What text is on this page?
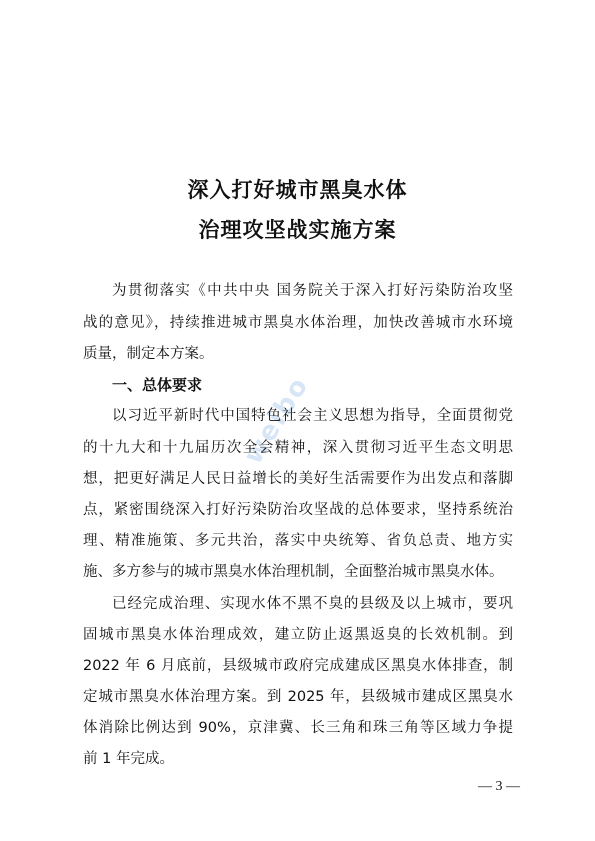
weibo
深入打好城市黑臭水体
治理攻坚战实施方案
为贯彻落实《中共中央 国务院关于深入打好污染防治攻坚
战的意见》，持续推进城市黑臭水体治理，加快改善城市水环境
质量，制定本方案。
一、总体要求
以习近平新时代中国特色社会主义思想为指导，全面贯彻党
的十九大和十九届历次全会精神，深入贯彻习近平生态文明思
想，把更好满足人民日益增长的美好生活需要作为出发点和落脚
点，紧密围绕深入打好污染防治攻坚战的总体要求，坚持系统治
理、精准施策、多元共治，落实中央统筹、省负总责、地方实
施、多方参与的城市黑臭水体治理机制，全面整治城市黑臭水体。
已经完成治理、实现水体不黑不臭的县级及以上城市，要巩
固城市黑臭水体治理成效，建立防止返黑返臭的长效机制。到
2022 年 6 月底前，县级城市政府完成建成区黑臭水体排查，制
定城市黑臭水体治理方案。到 2025 年，县级城市建成区黑臭水
体消除比例达到 90%，京津冀、长三角和珠三角等区域力争提
前 1 年完成。
— 3 —
